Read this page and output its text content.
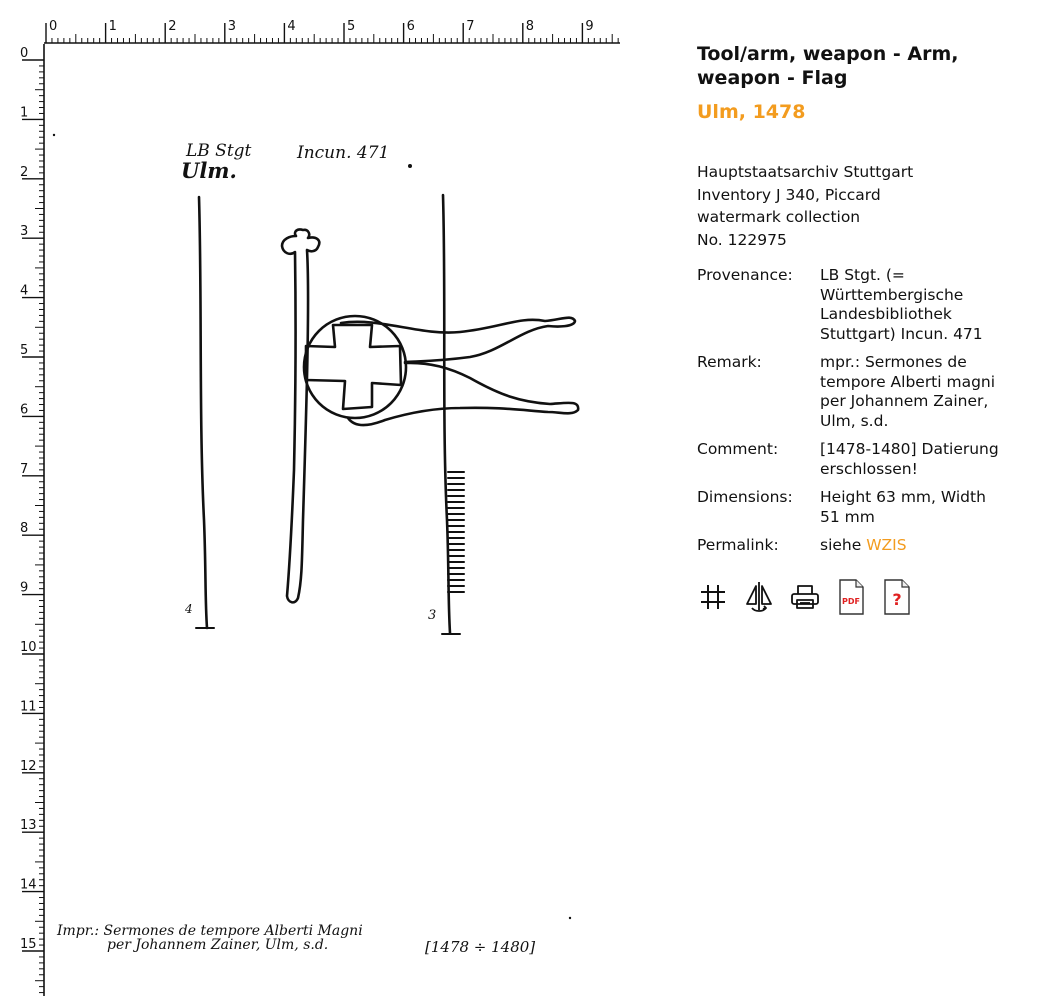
0	1	2	3	4	5	6	7	8	9
0
1
2
3
4
5
6
7
8
9
10
11
12
13
14
15
LB Stgt
Ulm.
Incun. 471
4	3
Impr.: Sermones de tempore Alberti Magni
per Johannem Zainer, Ulm, s.d.	[1478 ÷ 1480]
Tool/arm, weapon - Arm,
weapon - Flag
Ulm, 1478
Hauptstaatsarchiv Stuttgart
Inventory J 340, Piccard
watermark collection
No. 122975
Provenance:	LB Stgt. (= Württembergische Landesbibliothek Stuttgart) Incun. 471
Remark:	mpr.: Sermones de tempore Alberti magni per Johannem Zainer, Ulm, s.d.
Comment:	[1478-1480] Datierung erschlossen!
Dimensions:	Height 63 mm, Width 51 mm
Permalink:	siehe WZIS
PDF ?
